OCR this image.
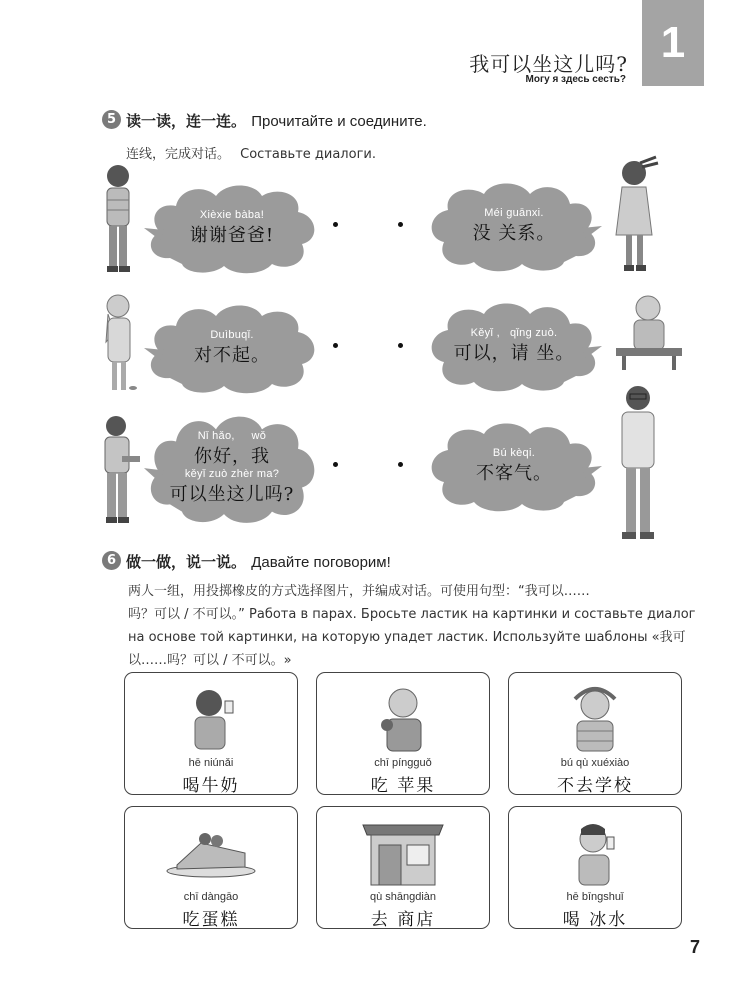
1
我可以坐这儿吗?
Могу я здесь сесть?
5 读一读，连一连。 Прочитайте и соедините.
连线，完成对话。 Составьте диалоги.
Xièxie bàba!
谢谢爸爸!
Duìbuqǐ.
对不起。
Nǐ hǎo,     wǒ
你好，我
kěyǐ zuò zhèr ma?
可以坐这儿吗?
Méi guānxi.
没 关系。
Kěyǐ ,   qǐng zuò.
可以，请 坐。
Bú kèqi.
不客气。
6 做一做，说一说。 Давайте поговорим!
两人一组，用投掷橡皮的方式选择图片，并编成对话。可使用句型：“我可以……
吗？可以 / 不可以。” Работа в парах. Бросьте ластик на картинки и составьте диалог
на основе той картинки, на которую упадет ластик. Используйте шаблоны «我可
以……吗？可以 / 不可以。»
hē niúnǎi
喝牛奶
chī píngguǒ
吃 苹果
bú qù xuéxiào
不去学校
chī dàngāo
吃蛋糕
qù shāngdiàn
去 商店
hē bīngshuǐ
喝 冰水
7
